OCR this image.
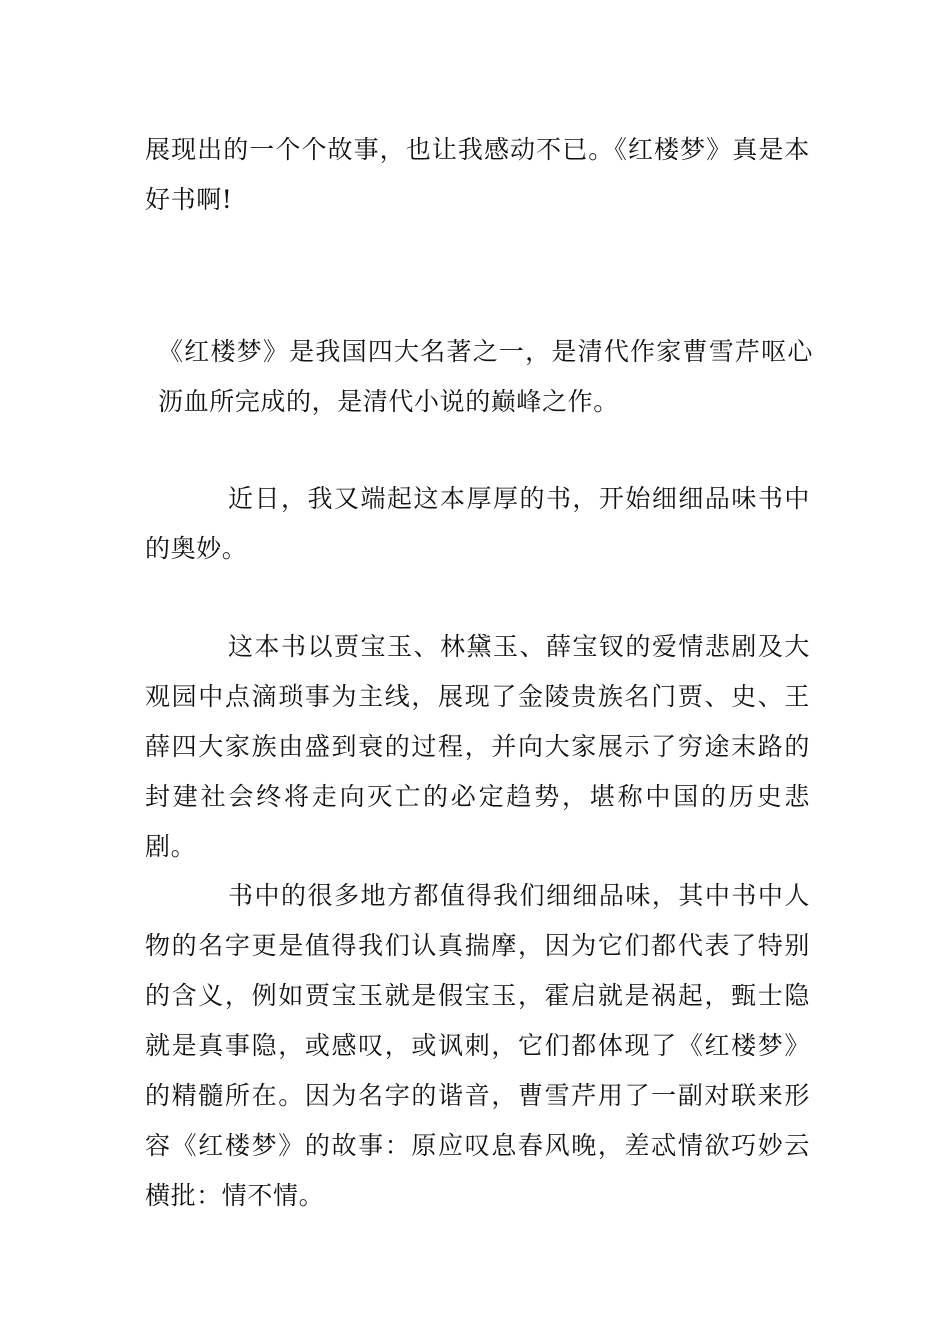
展现出的一个个故事，也让我感动不已。《红楼梦》真是本好书啊!

《红楼梦》是我国四大名著之一，是清代作家曹雪芹呕心沥血所完成的，是清代小说的巅峰之作。

近日，我又端起这本厚厚的书，开始细细品味书中的奥妙。

这本书以贾宝玉、林黛玉、薛宝钗的爱情悲剧及大观园中点滴琐事为主线，展现了金陵贵族名门贾、史、王薛四大家族由盛到衰的过程，并向大家展示了穷途末路的封建社会终将走向灭亡的必定趋势，堪称中国的历史悲剧。

书中的很多地方都值得我们细细品味，其中书中人物的名字更是值得我们认真揣摩，因为它们都代表了特别的含义，例如贾宝玉就是假宝玉，霍启就是祸起，甄士隐就是真事隐，或感叹，或讽刺，它们都体现了《红楼梦》的精髓所在。因为名字的谐音，曹雪芹用了一副对联来形容《红楼梦》的故事：原应叹息春风晚，差忒情欲巧妙云横批：情不情。
